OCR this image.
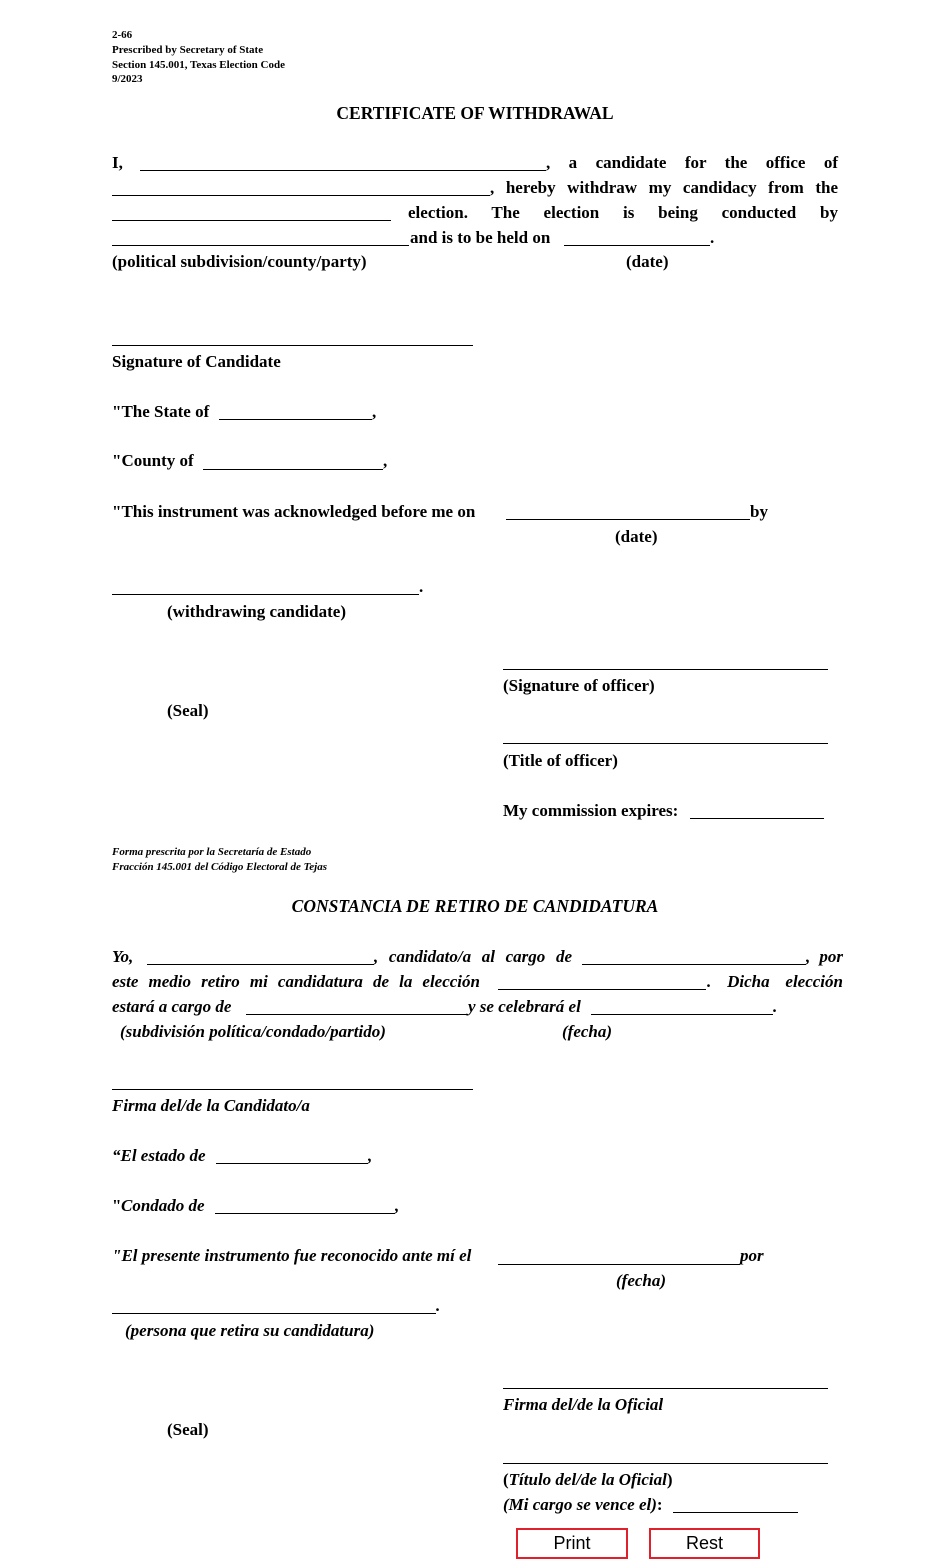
2-66
Prescribed by Secretary of State
Section 145.001, Texas Election Code
9/2023
CERTIFICATE OF WITHDRAWAL
I,	, a candidate for the office of
, hereby withdraw my candidacy from the
election. The election is being conducted by
and is to be held on	.
(political subdivision/county/party)	(date)
Signature of Candidate
"The State of	,
"County of	,
"This instrument was acknowledged before me on	by
(date)
.
(withdrawing candidate)
(Signature of officer)
(Seal)
(Title of officer)
My commission expires:
Forma prescrita por la Secretaría de Estado
Fracción 145.001 del Código Electoral de Tejas
CONSTANCIA DE RETIRO DE CANDIDATURA
Yo,	, candidato/a al cargo de	, por
este medio retiro mi candidatura de la elección	. Dicha elección
estará a cargo de	y se celebrará el	.
(subdivisión política/condado/partido)	(fecha)
Firma del/de la Candidato/a
“El estado de	,
" Condado de	,
"El presente instrumento fue reconocido ante mí el	por
(fecha)
.
(persona que retira su candidatura)
Firma del/de la Oficial
(Seal)
(Título del/de la Oficial)
(Mi cargo se vence el):
Print	Rest
